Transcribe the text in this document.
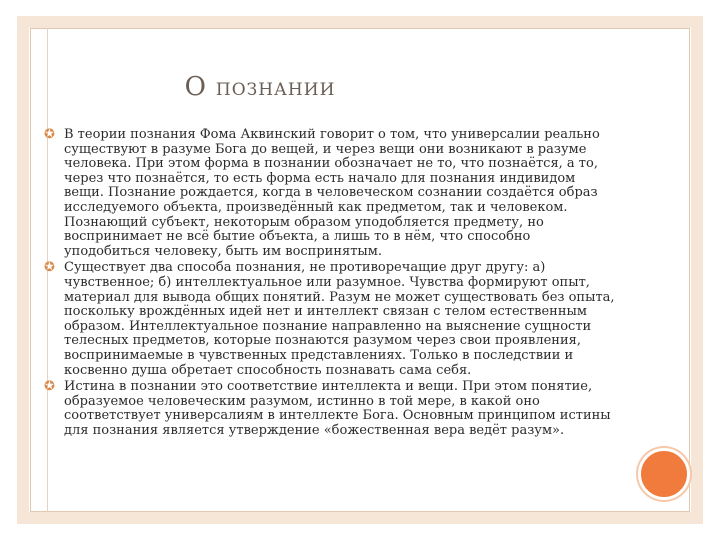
О ПОЗНАНИИ
✪ В теории познания Фома Аквинский говорит о том, что универсалии реально существуют в разуме Бога до вещей, и через вещи они возникают в разуме человека. При этом форма в познании обозначает не то, что познаётся, а то, через что познаётся, то есть форма есть начало для познания индивидом вещи. Познание рождается, когда в человеческом сознании создаётся образ исследуемого объекта, произведённый как предметом, так и человеком. Познающий субъект, некоторым образом уподобляется предмету, но воспринимает не всё бытие объекта, а лишь то в нём, что способно уподобиться человеку, быть им воспринятым.
✪ Существует два способа познания, не противоречащие друг другу: а) чувственное; б) интеллектуальное или разумное. Чувства формируют опыт, материал для вывода общих понятий. Разум не может существовать без опыта, поскольку врождённых идей нет и интеллект связан с телом естественным образом. Интеллектуальное познание направленно на выяснение сущности телесных предметов, которые познаются разумом через свои проявления, воспринимаемые в чувственных представлениях. Только в последствии и косвенно душа обретает способность познавать сама себя.
✪ Истина в познании это соответствие интеллекта и вещи. При этом понятие, образуемое человеческим разумом, истинно в той мере, в какой оно соответствует универсалиям в интеллекте Бога. Основным принципом истины для познания является утверждение «божественная вера ведёт разум».
